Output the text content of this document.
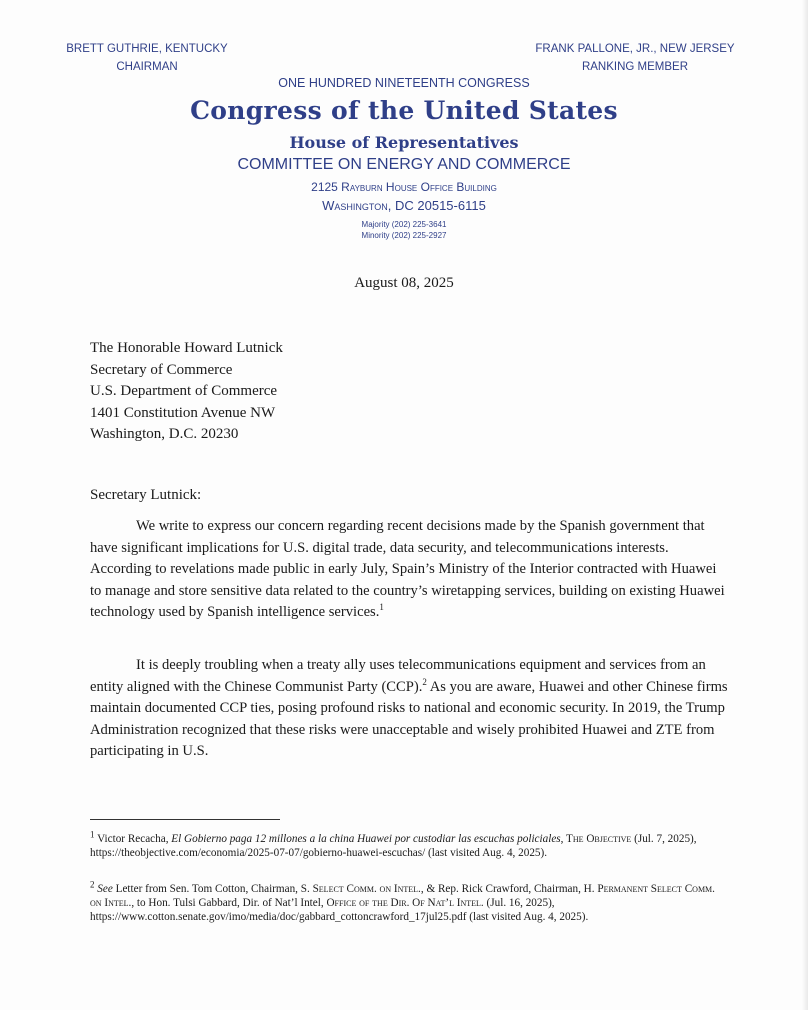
BRETT GUTHRIE, KENTUCKY
CHAIRMAN
FRANK PALLONE, JR., NEW JERSEY
RANKING MEMBER
ONE HUNDRED NINETEENTH CONGRESS
Congress of the United States
House of Representatives
COMMITTEE ON ENERGY AND COMMERCE
2125 Rayburn House Office Building
Washington, DC 20515-6115
Majority (202) 225-3641
Minority (202) 225-2927
August 08, 2025
The Honorable Howard Lutnick
Secretary of Commerce
U.S. Department of Commerce
1401 Constitution Avenue NW
Washington, D.C. 20230
Secretary Lutnick:

We write to express our concern regarding recent decisions made by the Spanish government that have significant implications for U.S. digital trade, data security, and telecommunications interests. According to revelations made public in early July, Spain’s Ministry of the Interior contracted with Huawei to manage and store sensitive data related to the country’s wiretapping services, building on existing Huawei technology used by Spanish intelligence services.$^1$

It is deeply troubling when a treaty ally uses telecommunications equipment and services from an entity aligned with the Chinese Communist Party (CCP).$^2$ As you are aware, Huawei and other Chinese firms maintain documented CCP ties, posing profound risks to national and economic security. In 2019, the Trump Administration recognized that these risks were unacceptable and wisely prohibited Huawei and ZTE from participating in U.S.

$^1$ Victor Recacha, El Gobierno paga 12 millones a la china Huawei por custodiar las escuchas policiales, The Objective (Jul. 7, 2025), https://theobjective.com/economia/2025-07-07/gobierno-huawei-escuchas/ (last visited Aug. 4, 2025).

$^2$ See Letter from Sen. Tom Cotton, Chairman, S. Select Comm. on Intel., & Rep. Rick Crawford, Chairman, H. Permanent Select Comm. on Intel., to Hon. Tulsi Gabbard, Dir. of Nat’l Intel, Office of the Dir. Of Nat’l Intel. (Jul. 16, 2025), https://www.cotton.senate.gov/imo/media/doc/gabbard_cottoncrawford_17jul25.pdf (last visited Aug. 4, 2025).
